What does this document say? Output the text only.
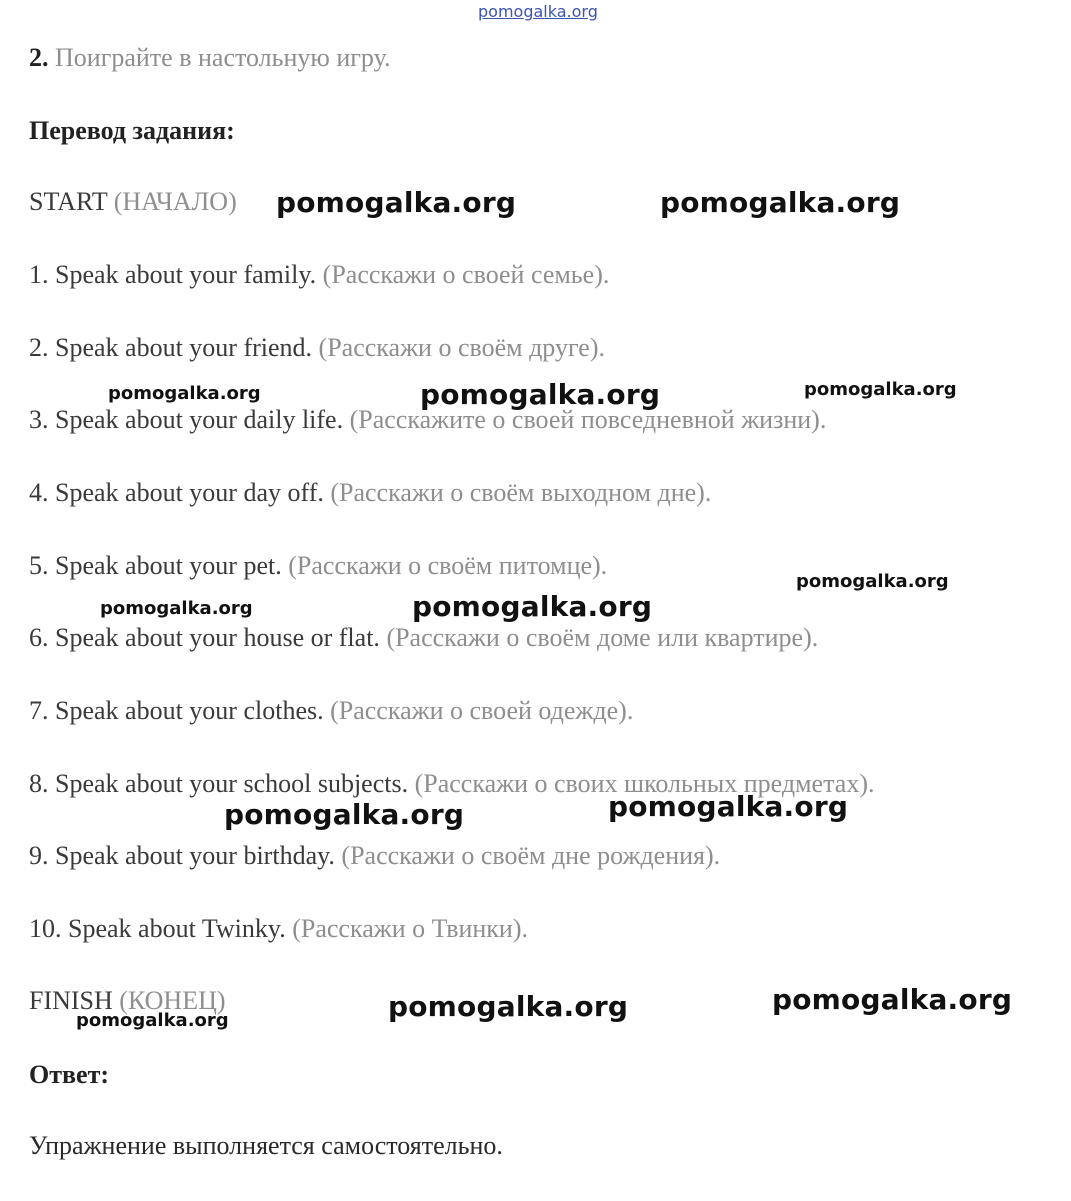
pomogalka.org
2. Поиграйте в настольную игру.
Перевод задания:
START (НАЧАЛО)
1. Speak about your family. (Расскажи о своей семье).
2. Speak about your friend. (Расскажи о своём друге).
3. Speak about your daily life. (Расскажите о своей повседневной жизни).
4. Speak about your day off. (Расскажи о своём выходном дне).
5. Speak about your pet. (Расскажи о своём питомце).
6. Speak about your house or flat. (Расскажи о своём доме или квартире).
7. Speak about your clothes. (Расскажи о своей одежде).
8. Speak about your school subjects. (Расскажи о своих школьных предметах).
9. Speak about your birthday. (Расскажи о своём дне рождения).
10. Speak about Twinky. (Расскажи о Твинки).
FINISH (КОНЕЦ)
Ответ:
Упражнение выполняется самостоятельно.
pomogalka.org	pomogalka.org
pomogalka.org	pomogalka.org	pomogalka.org
pomogalka.org
pomogalka.org	pomogalka.org
pomogalka.org	pomogalka.org
pomogalka.org	pomogalka.org	pomogalka.org
